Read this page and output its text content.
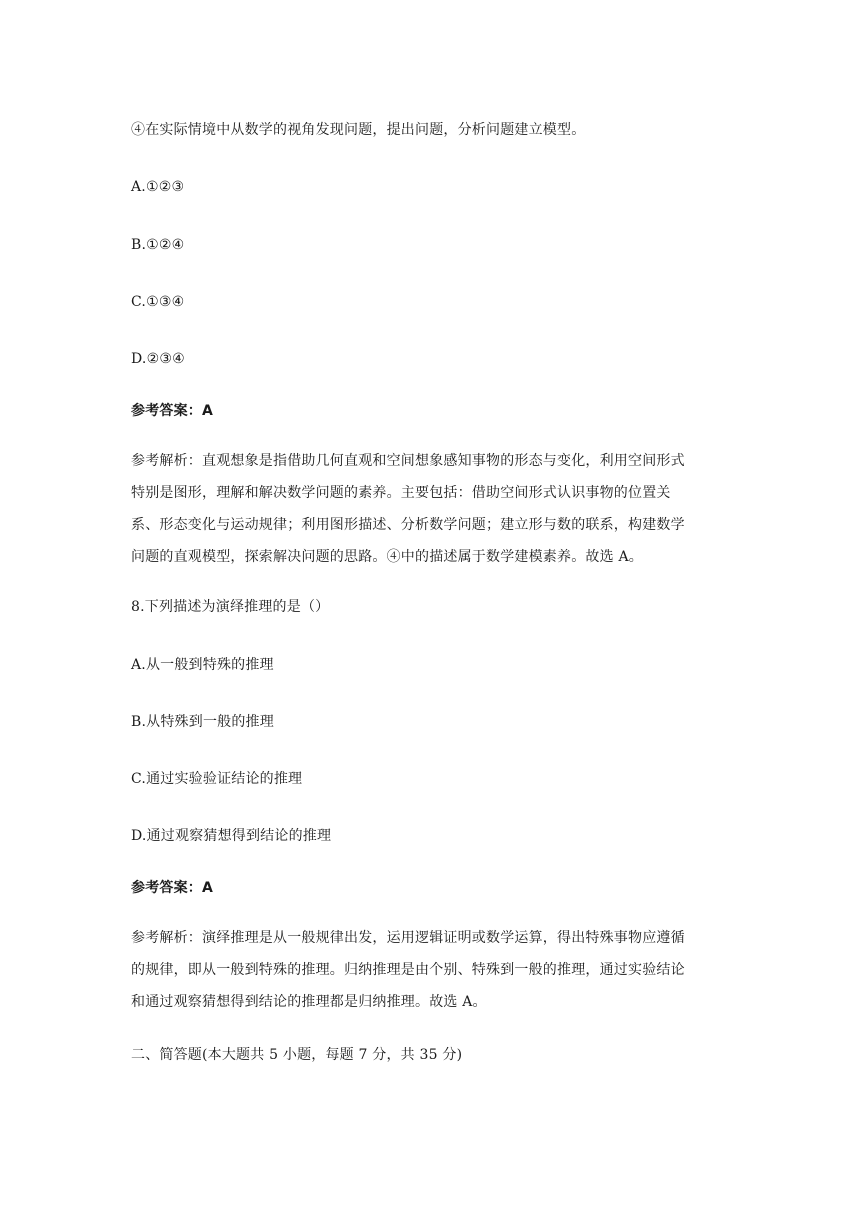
④在实际情境中从数学的视角发现问题，提出问题，分析问题建立模型。
A.①②③
B.①②④
C.①③④
D.②③④
参考答案：A
参考解析：直观想象是指借助几何直观和空间想象感知事物的形态与变化，利用空间形式
特别是图形，理解和解决数学问题的素养。主要包括：借助空间形式认识事物的位置关
系、形态变化与运动规律；利用图形描述、分析数学问题；建立形与数的联系，构建数学
问题的直观模型，探索解决问题的思路。④中的描述属于数学建模素养。故选 A。
8.下列描述为演绎推理的是（）
A.从一般到特殊的推理
B.从特殊到一般的推理
C.通过实验验证结论的推理
D.通过观察猜想得到结论的推理
参考答案：A
参考解析：演绎推理是从一般规律出发，运用逻辑证明或数学运算，得出特殊事物应遵循
的规律，即从一般到特殊的推理。归纳推理是由个别、特殊到一般的推理，通过实验结论
和通过观察猜想得到结论的推理都是归纳推理。故选 A。
二、简答题(本大题共 5 小题，每题 7 分，共 35 分)
